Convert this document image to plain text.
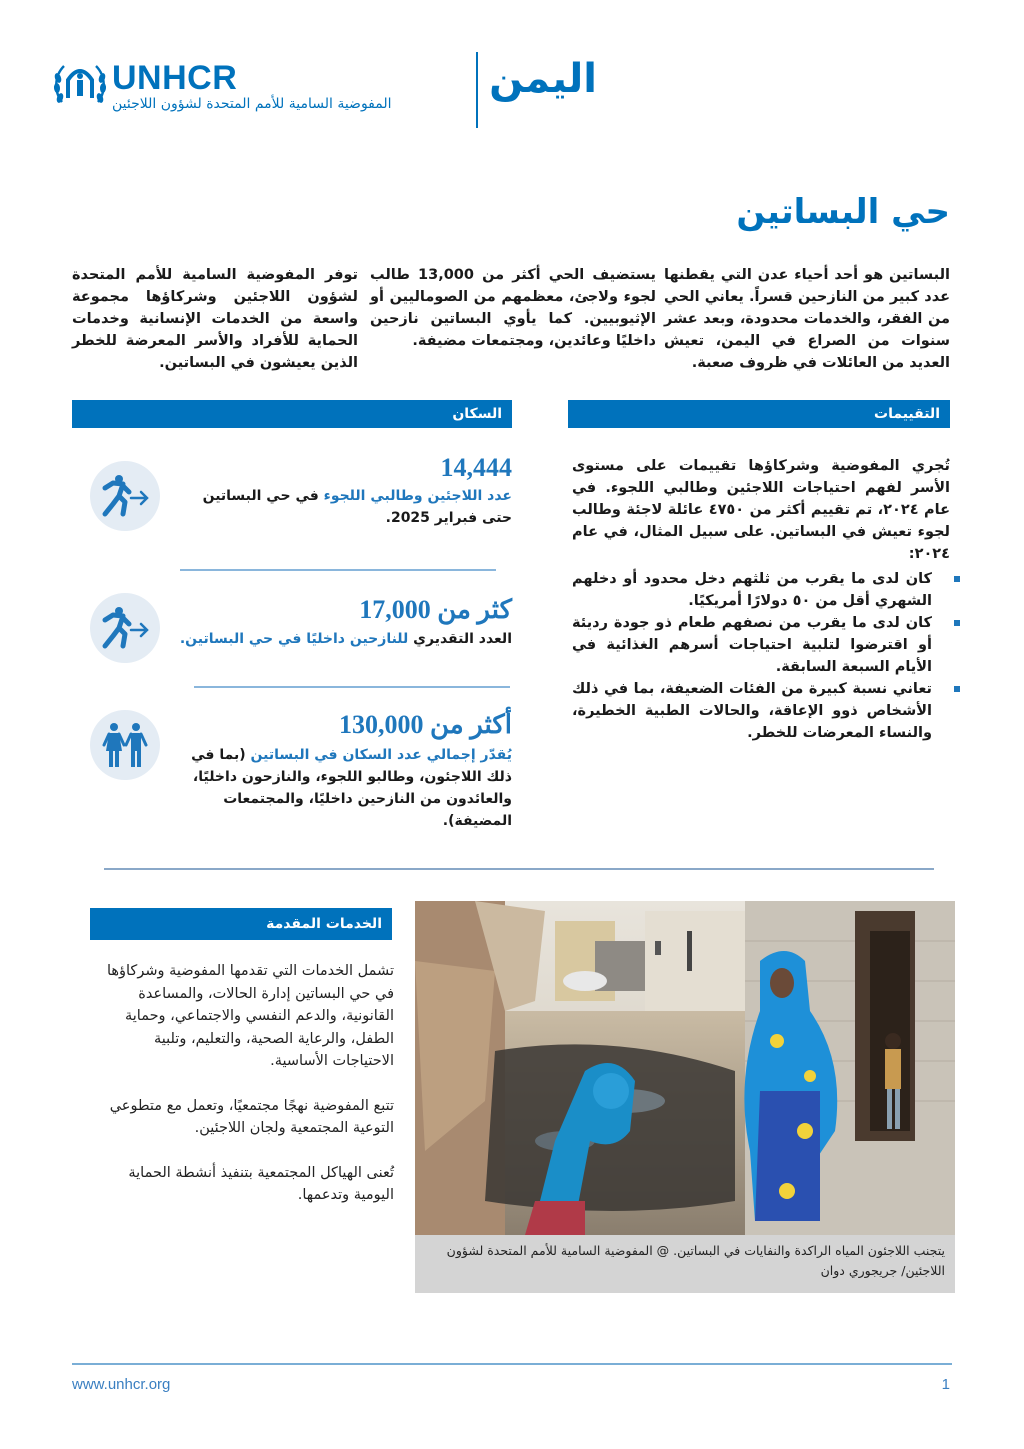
UNHCR
المفوضية السامية للأمم المتحدة لشؤون اللاجئين
اليمن
حي البساتين
البساتين هو أحد أحياء عدن التي يقطنها عدد كبير من النازحين قسراً. يعاني الحي من الفقر، والخدمات محدودة، وبعد عشر سنوات من الصراع في اليمن، تعيش العديد من العائلات في ظروف صعبة.
يستضيف الحي أكثر من 13,000 طالب لجوء ولاجئ، معظمهم من الصوماليين أو الإثيوبيين. كما يأوي البساتين نازحين داخليًا وعائدين، ومجتمعات مضيفة.
توفر المفوضية السامية للأمم المتحدة لشؤون اللاجئين وشركاؤها مجموعة واسعة من الخدمات الإنسانية وخدمات الحماية للأفراد والأسر المعرضة للخطر الذين يعيشون في البساتين.
السكان	التقييمات
14,444
عدد اللاجئين وطالبي اللجوء في حي البساتين حتى فبراير 2025.
كثر من 17,000
العدد التقديري للنازحين داخليًا في حي البساتين.
أكثر من 130,000
يُقدّر إجمالي عدد السكان في البساتين (بما في ذلك اللاجئون، وطالبو اللجوء، والنازحون داخليًا، والعائدون من النازحين داخليًا، والمجتمعات المضيفة).
تُجري المفوضية وشركاؤها تقييمات على مستوى الأسر لفهم احتياجات اللاجئين وطالبي اللجوء. في عام ٢٠٢٤، تم تقييم أكثر من ٤٧٥٠ عائلة لاجئة وطالب لجوء تعيش في البساتين. على سبيل المثال، في عام ٢٠٢٤:
كان لدى ما يقرب من ثلثهم دخل محدود أو دخلهم الشهري أقل من ٥٠ دولارًا أمريكيًا.
كان لدى ما يقرب من نصفهم طعام ذو جودة رديئة أو اقترضوا لتلبية احتياجات أسرهم الغذائية في الأيام السبعة السابقة.
تعاني نسبة كبيرة من الفئات الضعيفة، بما في ذلك الأشخاص ذوو الإعاقة، والحالات الطبية الخطيرة، والنساء المعرضات للخطر.
الخدمات المقدمة

تشمل الخدمات التي تقدمها المفوضية وشركاؤها في حي البساتين إدارة الحالات، والمساعدة القانونية، والدعم النفسي والاجتماعي، وحماية الطفل، والرعاية الصحية، والتعليم، وتلبية الاحتياجات الأساسية.

تتبع المفوضية نهجًا مجتمعيًا، وتعمل مع متطوعي التوعية المجتمعية ولجان اللاجئين.

تُعنى الهياكل المجتمعية بتنفيذ أنشطة الحماية اليومية وتدعمها.

يتجنب اللاجئون المياه الراكدة والنفايات في البساتين. @ المفوضية السامية للأمم المتحدة لشؤون اللاجئين/ جريجوري دوان
www.unhcr.org	1
